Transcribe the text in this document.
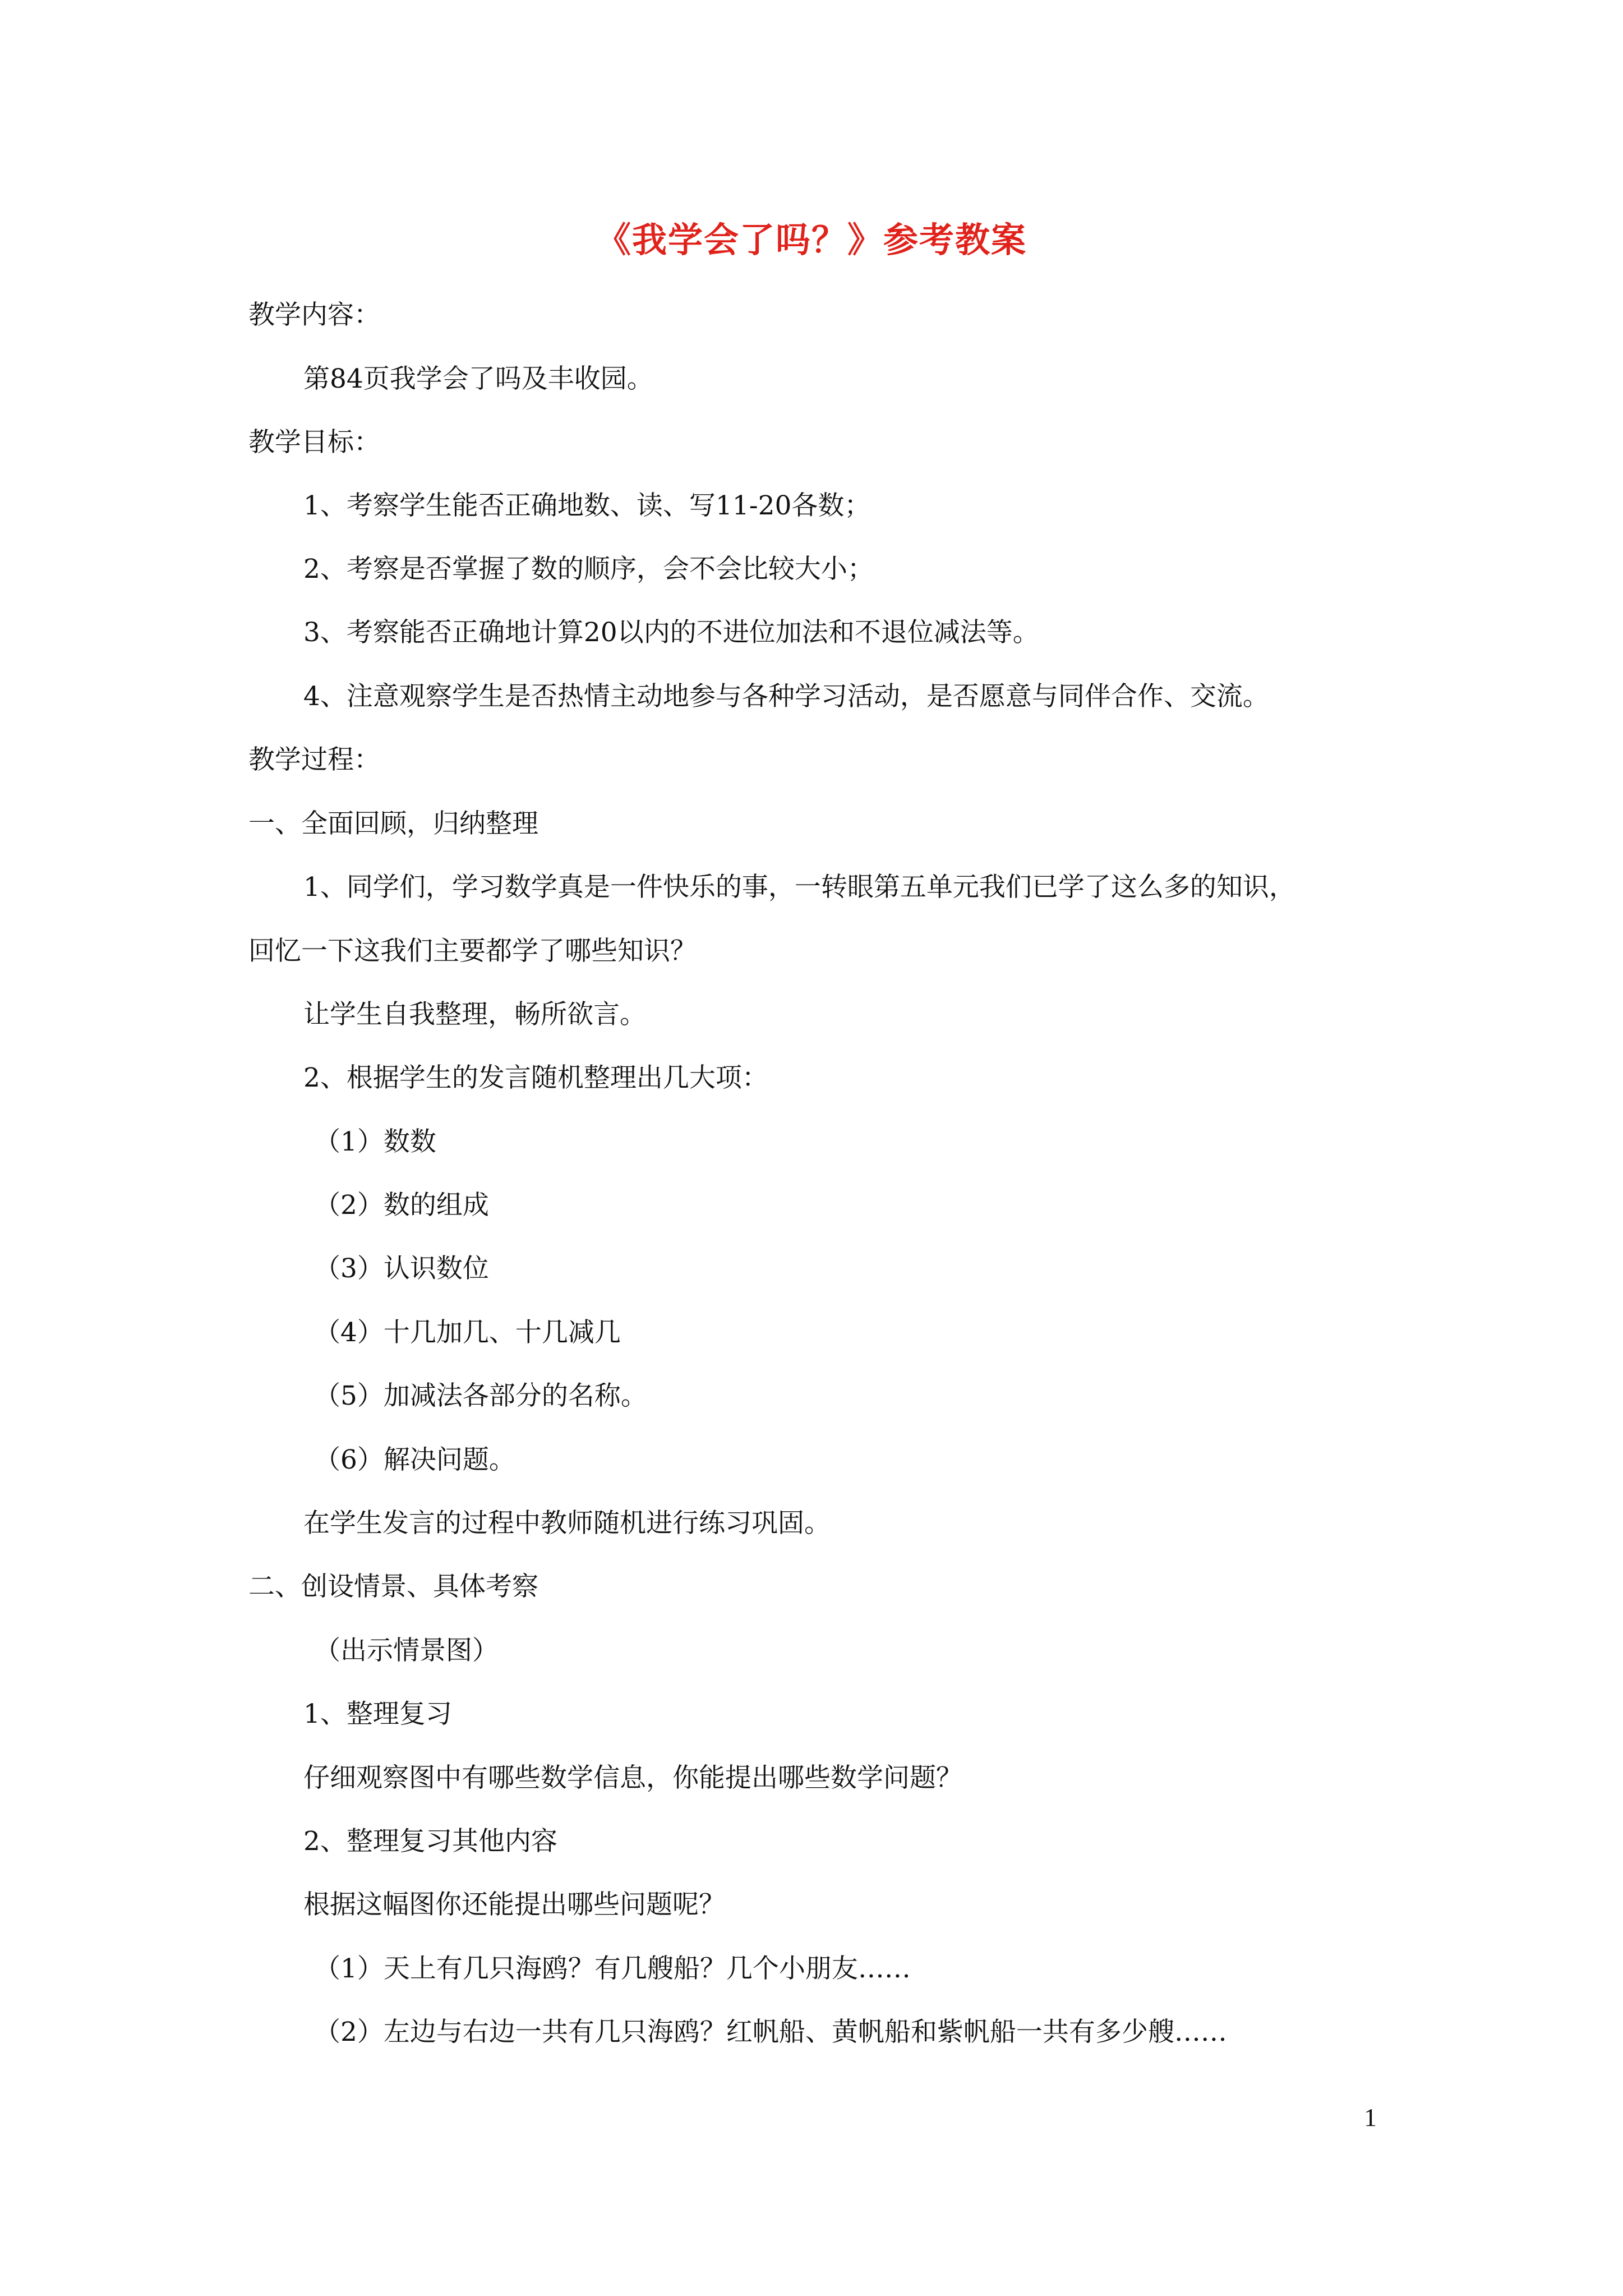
《我学会了吗？》参考教案
教学内容：
第84页我学会了吗及丰收园。
教学目标：
1、考察学生能否正确地数、读、写11-20各数；
2、考察是否掌握了数的顺序，会不会比较大小；
3、考察能否正确地计算20以内的不进位加法和不退位减法等。
4、注意观察学生是否热情主动地参与各种学习活动，是否愿意与同伴合作、交流。
教学过程：
一、全面回顾，归纳整理
1、同学们，学习数学真是一件快乐的事，一转眼第五单元我们已学了这么多的知识，
回忆一下这我们主要都学了哪些知识？
让学生自我整理，畅所欲言。
2、根据学生的发言随机整理出几大项：
（1）数数
（2）数的组成
（3）认识数位
（4）十几加几、十几减几
（5）加减法各部分的名称。
（6）解决问题。
在学生发言的过程中教师随机进行练习巩固。
二、创设情景、具体考察
（出示情景图）
1、整理复习
仔细观察图中有哪些数学信息，你能提出哪些数学问题？
2、整理复习其他内容
根据这幅图你还能提出哪些问题呢？
（1）天上有几只海鸥？有几艘船？几个小朋友……
（2）左边与右边一共有几只海鸥？红帆船、黄帆船和紫帆船一共有多少艘……
1
